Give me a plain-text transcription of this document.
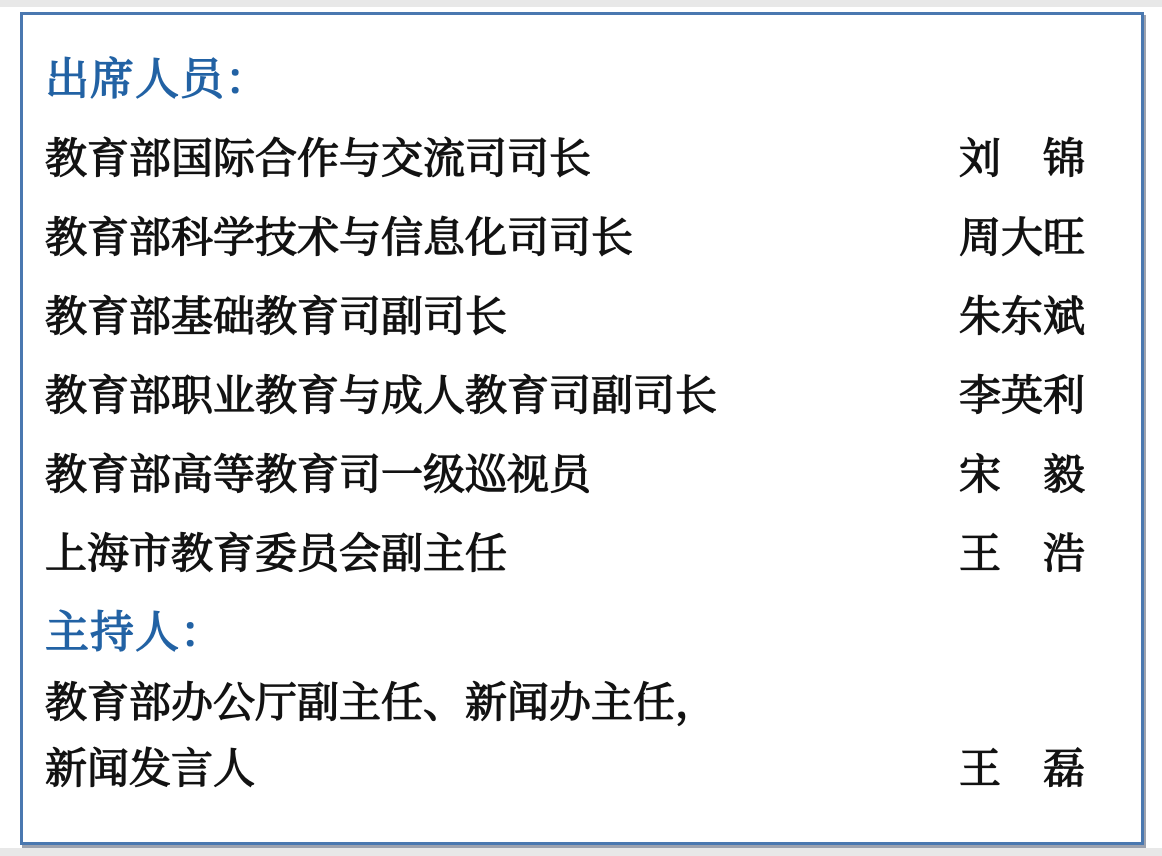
出席人员：
教育部国际合作与交流司司长	刘　锦
教育部科学技术与信息化司司长	周大旺
教育部基础教育司副司长	朱东斌
教育部职业教育与成人教育司副司长	李英利
教育部高等教育司一级巡视员	宋　毅
上海市教育委员会副主任	王　浩
主持人：
教育部办公厅副主任、新闻办主任，
新闻发言人	王　磊
